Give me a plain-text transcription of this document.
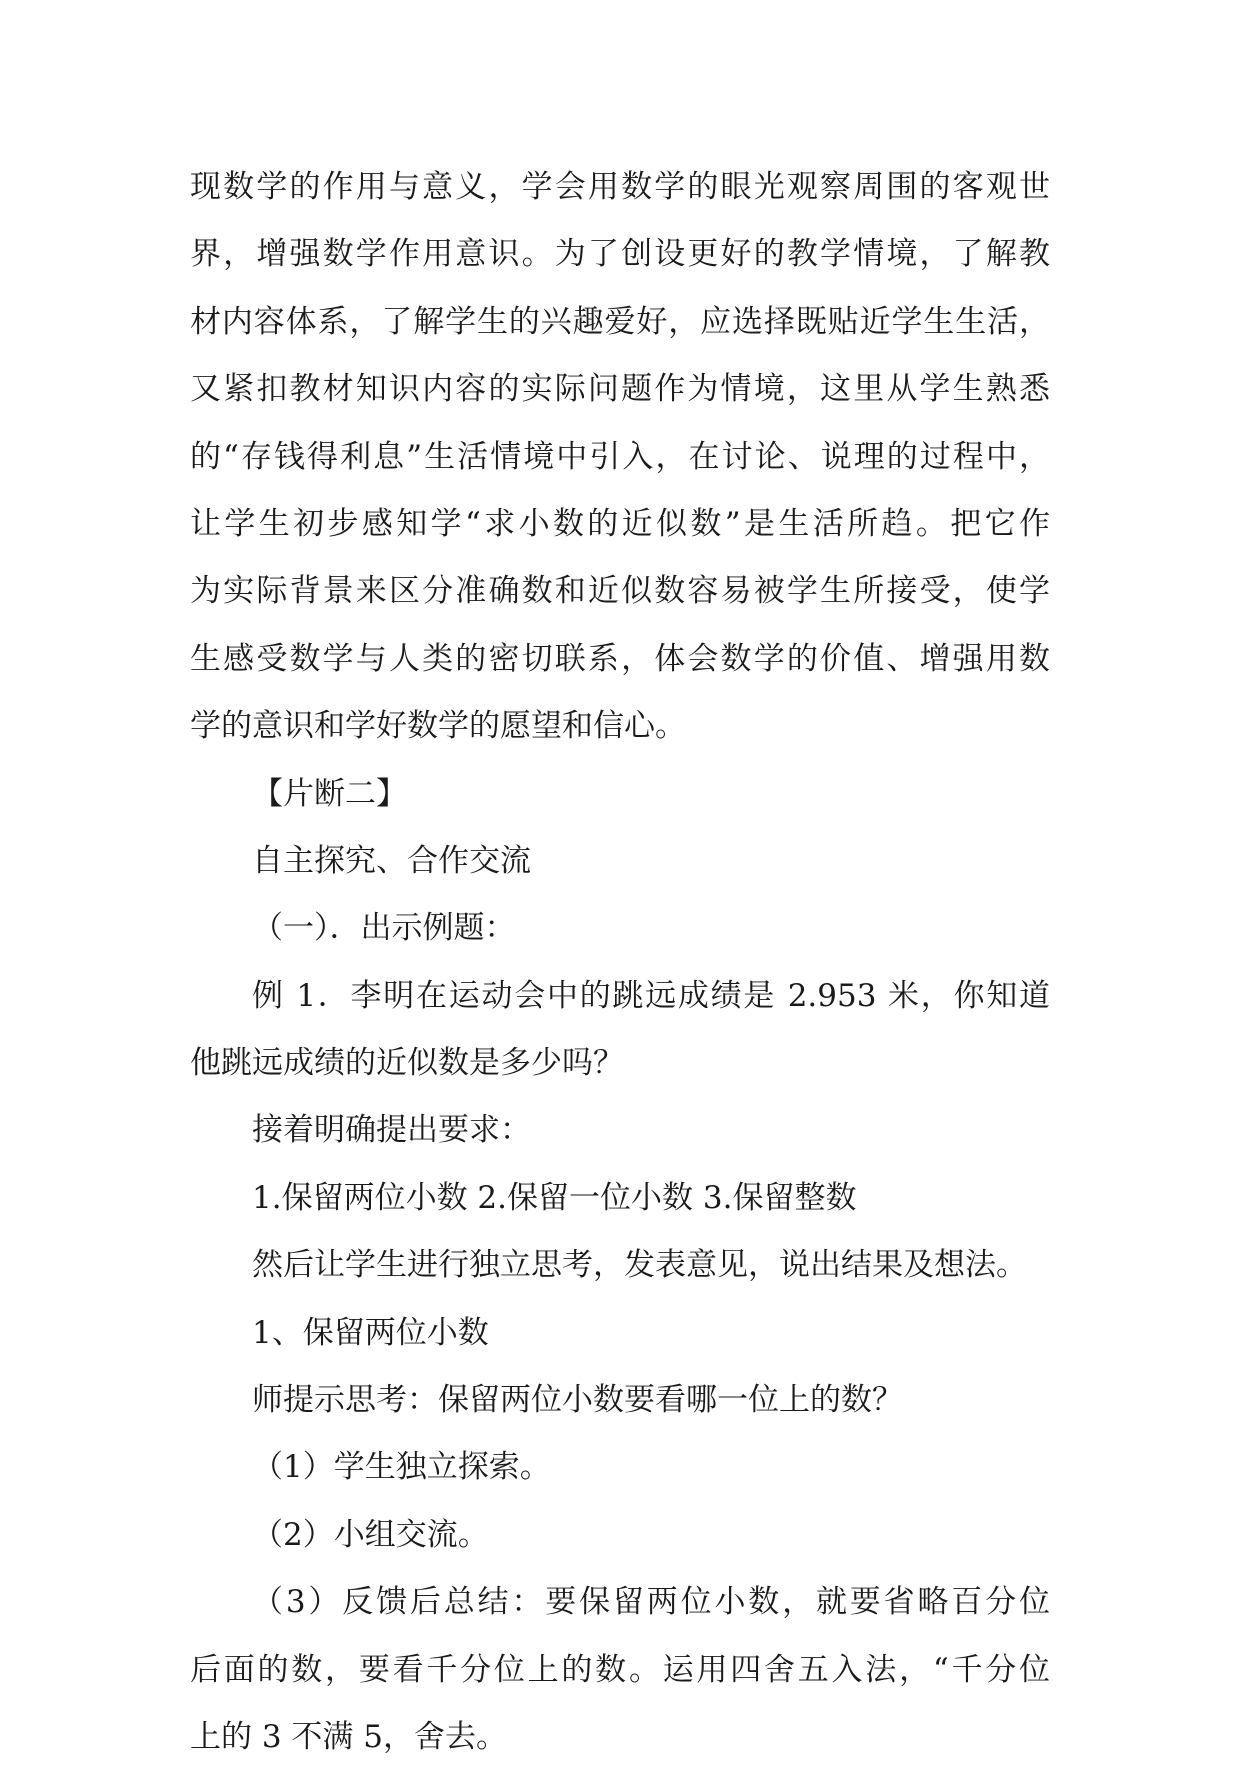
现数学的作用与意义，学会用数学的眼光观察周围的客观世
界，增强数学作用意识。为了创设更好的教学情境，了解教
材内容体系，了解学生的兴趣爱好，应选择既贴近学生生活，
又紧扣教材知识内容的实际问题作为情境，这里从学生熟悉
的“存钱得利息”生活情境中引入，在讨论、说理的过程中，
让学生初步感知学“求小数的近似数”是生活所趋。把它作
为实际背景来区分准确数和近似数容易被学生所接受，使学
生感受数学与人类的密切联系，体会数学的价值、增强用数
学的意识和学好数学的愿望和信心。
【片断二】
自主探究、合作交流
（一）．出示例题：
例 1．李明在运动会中的跳远成绩是 2.953 米，你知道
他跳远成绩的近似数是多少吗？
接着明确提出要求：
1.保留两位小数 2.保留一位小数 3.保留整数
然后让学生进行独立思考，发表意见，说出结果及想法。
1、保留两位小数
师提示思考：保留两位小数要看哪一位上的数？
（1）学生独立探索。
（2）小组交流。
（3）反馈后总结：要保留两位小数，就要省略百分位
后面的数，要看千分位上的数。运用四舍五入法，“千分位
上的 3 不满 5，舍去。
